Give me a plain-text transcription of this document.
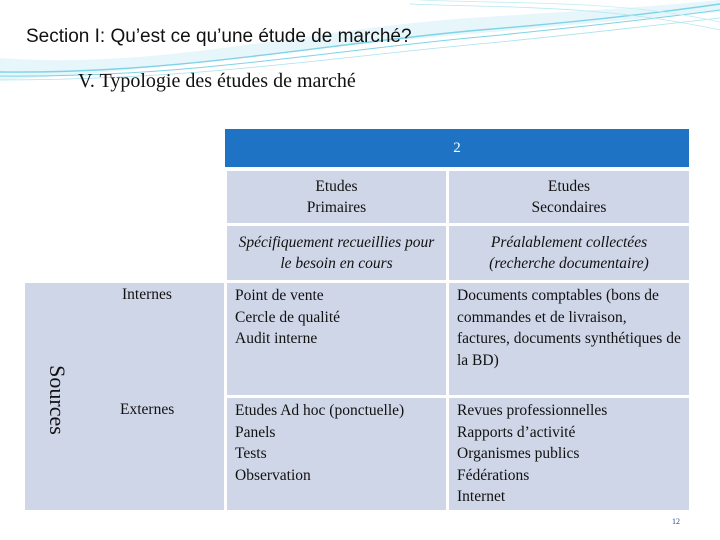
Section I: Qu’est ce qu’une étude de marché?
V. Typologie des études de marché
2
Etudes
Primaires
Etudes
Secondaires
Spécifiquement recueillies pour le besoin en cours
Préalablement collectées (recherche documentaire)
Sources
Internes
Externes
Point de vente
Cercle de qualité
Audit interne
Documents comptables (bons de commandes et de livraison, factures, documents synthétiques de la BD)
Etudes Ad hoc (ponctuelle)
Panels
Tests
Observation
Revues professionnelles
Rapports d’activité
Organismes publics
Fédérations
Internet
12
